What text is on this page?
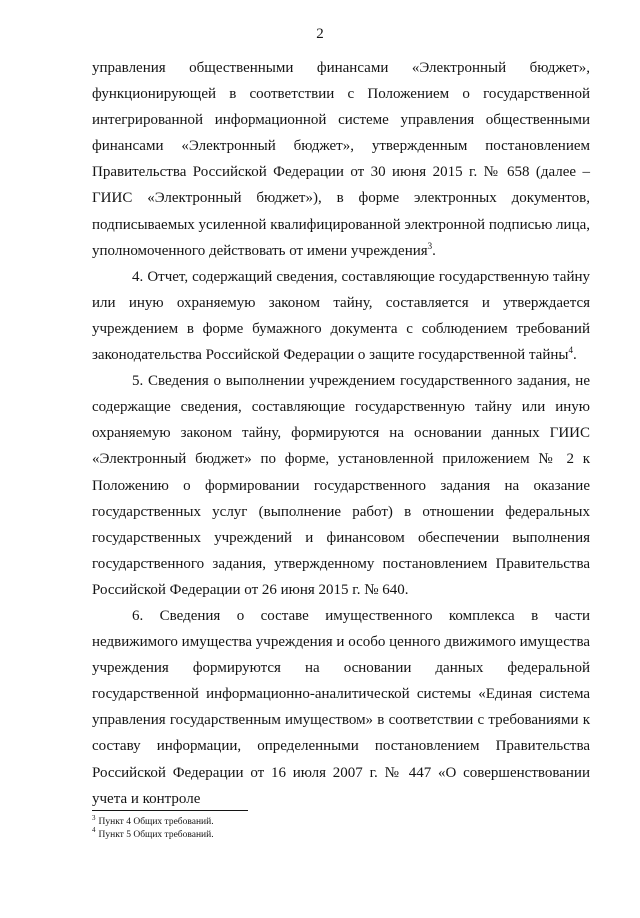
2

управления общественными финансами «Электронный бюджет», функционирующей в соответствии с Положением о государственной интегрированной информационной системе управления общественными финансами «Электронный бюджет», утвержденным постановлением Правительства Российской Федерации от 30 июня 2015 г. № 658 (далее – ГИИС «Электронный бюджет»), в форме электронных документов, подписываемых усиленной квалифицированной электронной подписью лица, уполномоченного действовать от имени учреждения$^3$.

4. Отчет, содержащий сведения, составляющие государственную тайну или иную охраняемую законом тайну, составляется и утверждается учреждением в форме бумажного документа с соблюдением требований законодательства Российской Федерации о защите государственной тайны$^4$.

5. Сведения о выполнении учреждением государственного задания, не содержащие сведения, составляющие государственную тайну или иную охраняемую законом тайну, формируются на основании данных ГИИС «Электронный бюджет» по форме, установленной приложением № 2 к Положению о формировании государственного задания на оказание государственных услуг (выполнение работ) в отношении федеральных государственных учреждений и финансовом обеспечении выполнения государственного задания, утвержденному постановлением Правительства Российской Федерации от 26 июня 2015 г. № 640.

6. Сведения о составе имущественного комплекса в части недвижимого имущества учреждения и особо ценного движимого имущества учреждения формируются на основании данных федеральной государственной информационно-аналитической системы «Единая система управления государственным имуществом» в соответствии с требованиями к составу информации, определенными постановлением Правительства Российской Федерации от 16 июля 2007 г. № 447 «О совершенствовании учета и контроле

$^3$ Пункт 4 Общих требований.

$^4$ Пункт 5 Общих требований.
